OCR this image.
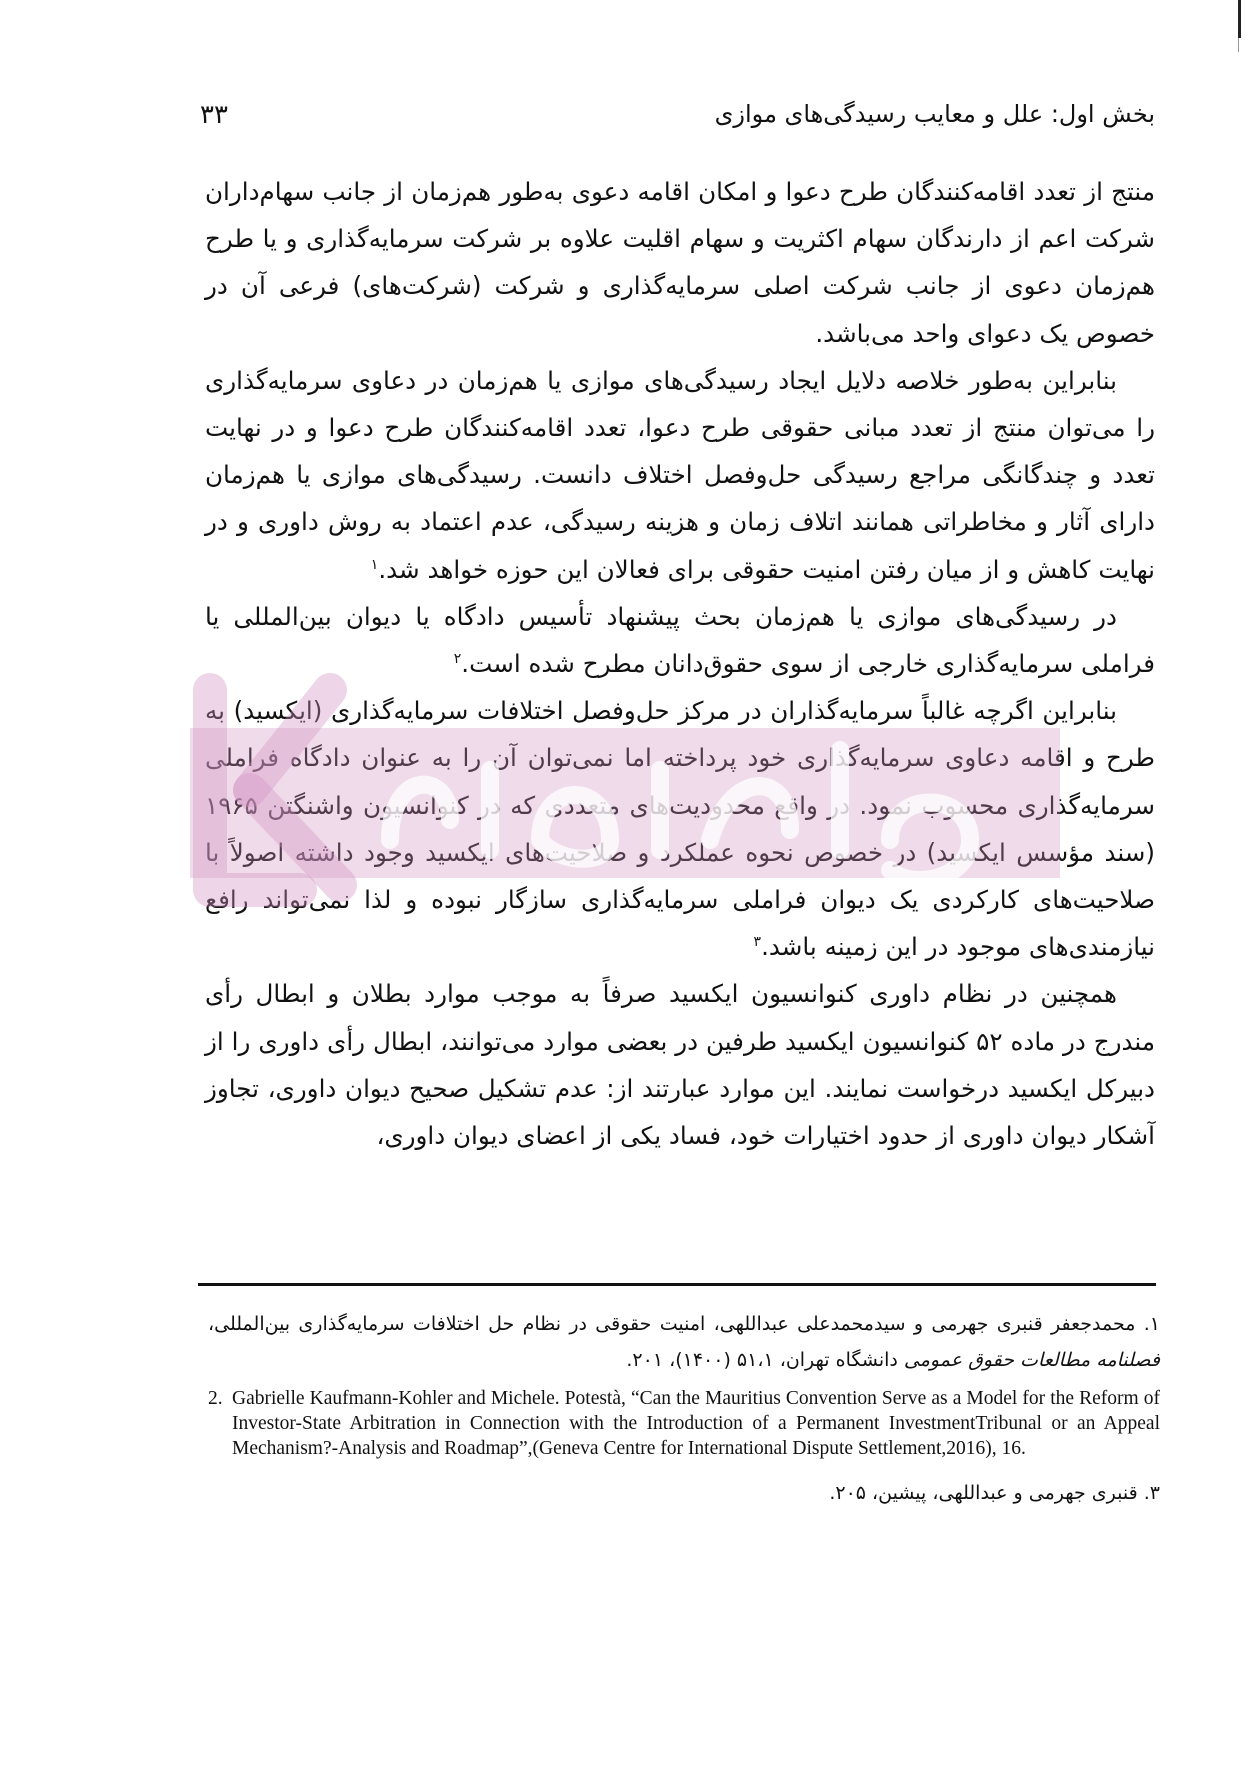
بخش اول: علل و معایب رسیدگی‌های موازی
۳۳

منتج از تعدد اقامه‌کنندگان طرح دعوا و امکان اقامه دعوی به‌طور هم‌زمان از جانب سهام‌داران شرکت اعم از دارندگان سهام اکثریت و سهام اقلیت علاوه بر شرکت سرمایه‌گذاری و یا طرح هم‌زمان دعوی از جانب شرکت اصلی سرمایه‌گذاری و شرکت (شرکت‌های) فرعی آن در خصوص یک دعوای واحد می‌باشد.

بنابراین به‌طور خلاصه دلایل ایجاد رسیدگی‌های موازی یا هم‌زمان در دعاوی سرمایه‌گذاری را می‌توان منتج از تعدد مبانی حقوقی طرح دعوا، تعدد اقامه‌کنندگان طرح دعوا و در نهایت تعدد و چندگانگی مراجع رسیدگی حل‌وفصل اختلاف دانست. رسیدگی‌های موازی یا هم‌زمان دارای آثار و مخاطراتی همانند اتلاف زمان و هزینه رسیدگی، عدم اعتماد به روش داوری و در نهایت کاهش و از میان رفتن امنیت حقوقی برای فعالان این حوزه خواهد شد.$^۱$

در رسیدگی‌های موازی یا هم‌زمان بحث پیشنهاد تأسیس دادگاه یا دیوان بین‌المللی یا فراملی سرمایه‌گذاری خارجی از سوی حقوق‌دانان مطرح شده است.$^۲$

بنابراین اگرچه غالباً سرمایه‌گذاران در مرکز حل‌وفصل اختلافات سرمایه‌گذاری (ایکسید) به طرح و اقامه دعاوی سرمایه‌گذاری خود پرداخته اما نمی‌توان آن را به عنوان دادگاه فراملی سرمایه‌گذاری محسوب نمود. در واقع محدودیت‌های متعددی که در کنوانسیون واشنگتن ۱۹۶۵ (سند مؤسس ایکسید) در خصوص نحوه عملکرد و صلاحیت‌های ایکسید وجود داشته اصولاً با صلاحیت‌های کارکردی یک دیوان فراملی سرمایه‌گذاری سازگار نبوده و لذا نمی‌تواند رافع نیازمندی‌های موجود در این زمینه باشد.$^۳$

همچنین در نظام داوری کنوانسیون ایکسید صرفاً به موجب موارد بطلان و ابطال رأی مندرج در ماده ۵۲ کنوانسیون ایکسید طرفین در بعضی موارد می‌توانند، ابطال رأی داوری را از دبیرکل ایکسید درخواست نمایند. این موارد عبارتند از: عدم تشکیل صحیح دیوان داوری، تجاوز آشکار دیوان داوری از حدود اختیارات خود، فساد یکی از اعضای دیوان داوری،

۱. محمدجعفر قنبری جهرمی و سیدمحمدعلی عبداللهی، امنیت حقوقی در نظام حل اختلافات سرمایه‌گذاری بین‌المللی، فصلنامه مطالعات حقوق عمومی دانشگاه تهران، ۵۱،۱ (۱۴۰۰)، ۲۰۱.

2. Gabrielle Kaufmann-Kohler and Michele. Potestà, “Can the Mauritius Convention Serve as a Model for the Reform of Investor-State Arbitration in Connection with the Introduction of a Permanent InvestmentTribunal or an Appeal Mechanism?-Analysis and Roadmap”,(Geneva Centre for International Dispute Settlement,2016), 16.

۳. قنبری جهرمی و عبداللهی، پیشین، ۲۰۵.
